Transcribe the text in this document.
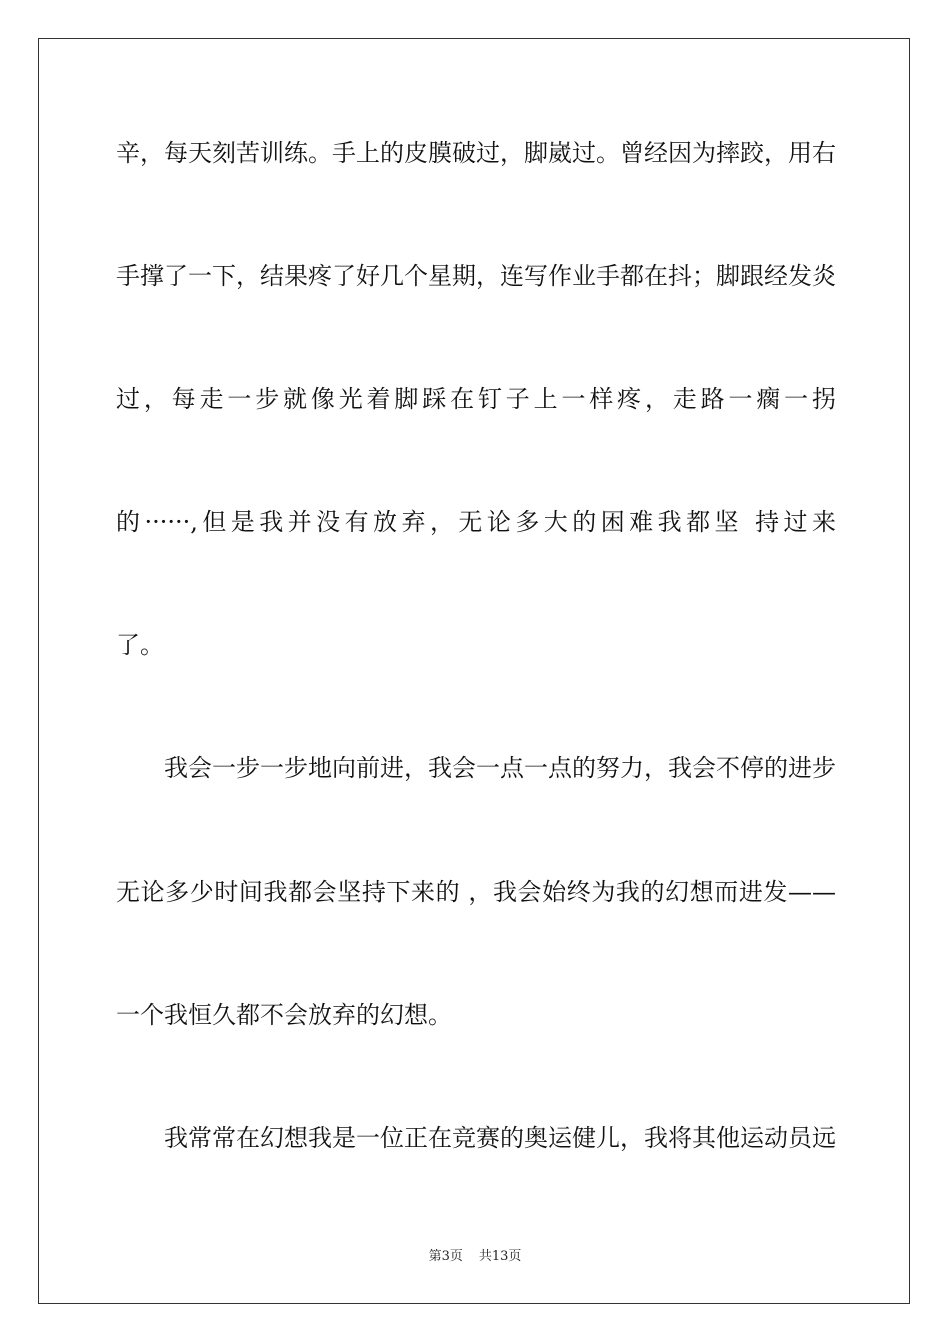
辛，每天刻苦训练。手上的皮膜破过，脚崴过。曾经因为摔跤，用右
手撑了一下，结果疼了好几个星期，连写作业手都在抖；脚跟经发炎
过，每走一步就像光着脚踩在钉子上一样疼，走路一瘸一拐
的······,但是我并没有放弃，无论多大的困难我都坚 持过来
了。
我会一步一步地向前进，我会一点一点的努力，我会不停的进步
无论多少时间我都会坚持下来的 ，我会始终为我的幻想而进发——
一个我恒久都不会放弃的幻想。
我常常在幻想我是一位正在竞赛的奥运健儿，我将其他运动员远
第3页 共13页
